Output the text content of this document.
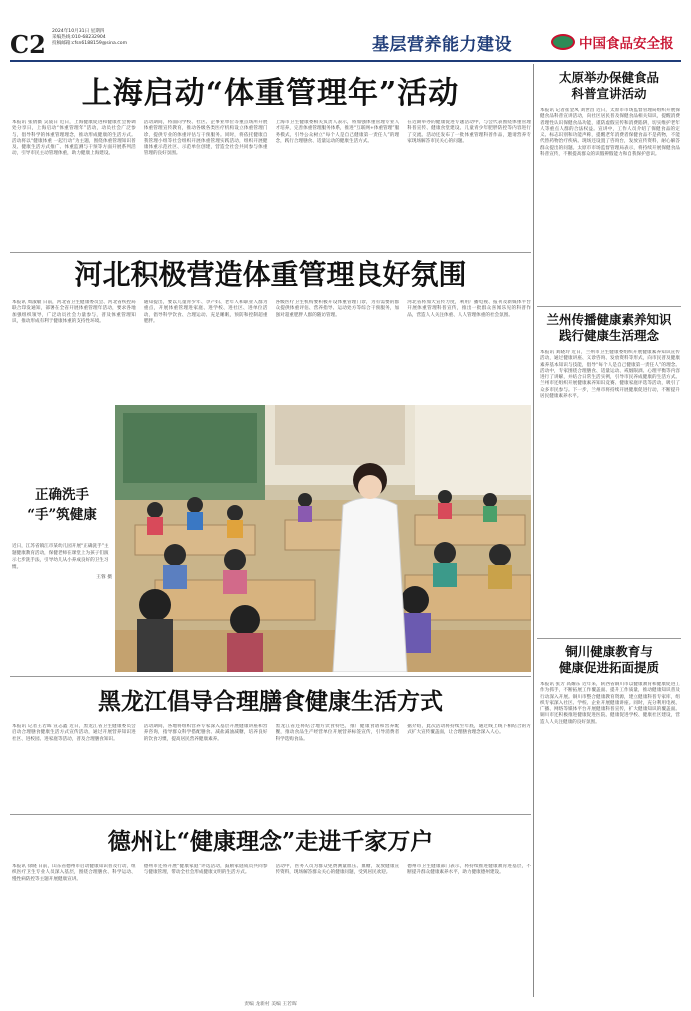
C2 2024年10月31日 星期四
采编热线:010-68232904
投稿邮箱:cfsn6188159@sina.com	基层营养能力建设	中国食品安全报
上海启动“体重管理年”活动
本报讯 张倩薇 吴骁日 近日，上海健康促进和健康社会协调处分享日，上海启动“体重管理年”活动，动员社会广泛参与，倡导科学的体重管理理念，推动形成健康的生活方式。活动将以“健康体重 一起行动”为主题，围绕体重管理知识普及、健康生活方式推广、体重监测与干预等方面开展系列活动，引导市民主动管理体重，助力健康上海建设。
活动期间，将面向学校、社区、企事业单位等重点场所开展体重管理宣传教育，推动各级各类医疗机构设立体重管理门诊，提供专业的体重评估与干预服务。同时，将依托健康自我管理小组等社会组织开展体重管理实践活动，组织开展健康体重示范社区、示范单位创建，营造全社会共同参与体重管理的良好氛围。
上海市卫生健康委相关负责人表示，将加强体重管理专业人才培养，完善体重管理服务体系，推进“互联网+体重管理”服务模式，引导公众树立“每个人是自己健康第一责任人”的理念，践行合理膳食、适量运动的健康生活方式。
在近期举办的健康促进专题活动中，与会代表围绕体重管理科普宣传、健康食堂建设、儿童青少年肥胖防控等内容进行了交流。活动还发布了一批体重管理科普作品，邀请营养专家现场解答市民关心的问题。
河北积极营造体重管理良好氛围
本报讯 周淑敏 日前，河北省卫生健康委员会、河北省疾控局联合印发通知，部署在全省开展体重管理年活动，要求各地加强组织领导，广泛动员社会力量参与，普及体重管理知识，推动形成有利于健康体重的支持性环境。
通知提出，要以儿童青少年、孕产妇、老年人和职业人群为重点，开展体重管理进家庭、进学校、进社区、进单位活动，倡导科学饮食、合理运动、充足睡眠，预防和控制超重肥胖。
各级医疗卫生机构要积极开设体重管理门诊，为有需要的群众提供体重评估、营养指导、运动处方等综合干预服务，加强对超重肥胖人群的随访管理。
河北省将加大宣传力度，利用广播电视、报刊及新媒体平台开展体重管理科普宣传，推出一批群众喜闻乐见的科普作品，营造人人关注体重、人人管理体重的社会氛围。
正确洗手
“手”筑健康
近日，江苏省镇江市某幼儿园开展“正确洗手”主题健康教育活动，保健老师在课堂上为孩子们演示七步洗手法，引导幼儿从小养成良好的卫生习惯。
王蓉 摄
黑龙江倡导合理膳食健康生活方式
本报讯 记者王若晖 宣志鑫 近日，黑龙江省卫生健康委员会启动合理膳食健康生活方式宣传活动，通过开展营养知识进社区、进校园、进家庭等活动，普及合理膳食知识。
活动期间，各地将组织营养专家深入基层开展健康讲座和营养咨询，指导群众科学搭配膳食、减盐减油减糖，培养良好的饮食习惯，提高居民营养健康素养。
黑龙江省还将结合地方饮食特色，推广健康食谱和营养配餐，推动食品生产经营单位开展营养标签宣传，引导消费者科学选购食品。
据介绍，此次活动将持续至年底，通过线上线下相结合的方式扩大宣传覆盖面，让合理膳食理念深入人心。
德州让“健康理念”走进千家万户
本报讯 徐晓 日前，山东省德州市启动健康知识普及行动，组织医疗卫生专业人员深入基层，围绕合理膳食、科学运动、慢性病防控等主题开展健康宣讲。
德州市还将开展“健康家庭”评选活动，鼓励家庭成员共同参与健康管理，带动全社会形成健康文明的生活方式。
活动中，医务人员为群众免费测量血压、血糖，发放健康宣传资料，现场解答群众关心的健康问题，受到居民欢迎。
德州市卫生健康部门表示，将持续推进健康教育进基层，不断提升群众健康素养水平，助力健康德州建设。
太原举办保健食品
科普宣讲活动
本报讯 记者崔金凤 刘世昌 近日，太原市市场监督管理局组织开展保健食品科普宣讲活动，向社区居民普及保健食品相关知识，提醒消费者理性认识保健食品功能，谨防虚假宣传和消费陷阱，切实维护老年人等重点人群的合法权益。宣讲中，工作人员介绍了保健食品的定义、标志识别和功能声称，提醒老年消费者保健食品不是药物，不能代替药物治疗疾病。现场还设置了咨询台，发放宣传资料，耐心解答群众提出的问题。太原市市场监督管理局表示，将持续开展保健食品科普宣传，不断提高群众的识假辨假能力和自我保护意识。
兰州传播健康素养知识
践行健康生活理念
本报讯 刘晓玲 近日，兰州市卫生健康委组织开展健康素养知识宣传活动，通过健康讲座、义诊咨询、发放资料等形式，向市民普及健康素养基本知识与技能，倡导“每个人是自己健康第一责任人”的理念。活动中，专家围绕合理膳食、适量运动、戒烟限酒、心理平衡等内容进行了讲解，并结合日常生活实例，引导市民养成健康的生活方式。兰州市还组织开展健康素养知识竞赛、健康家庭评选等活动，吸引了众多市民参与。下一步，兰州市将持续开展健康促进行动，不断提升居民健康素养水平。
铜川健康教育与
健康促进拓面提质
本报讯 张芳 高耀东 近年来，陕西省铜川市以健康教育和健康促进工作为抓手，不断拓展工作覆盖面、提升工作质量，推动健康知识普及行动深入开展。铜川市整合健康教育资源，建立健康科普专家库，组织专家深入社区、学校、企业开展健康讲座。同时，充分利用电视、广播、网络等媒体平台开展健康科普宣传，扩大健康知识的覆盖面。铜川市还积极推进健康促进医院、健康促进学校、健康社区建设，营造人人关注健康的良好氛围。
责编 龙新村 美编 王若晖
